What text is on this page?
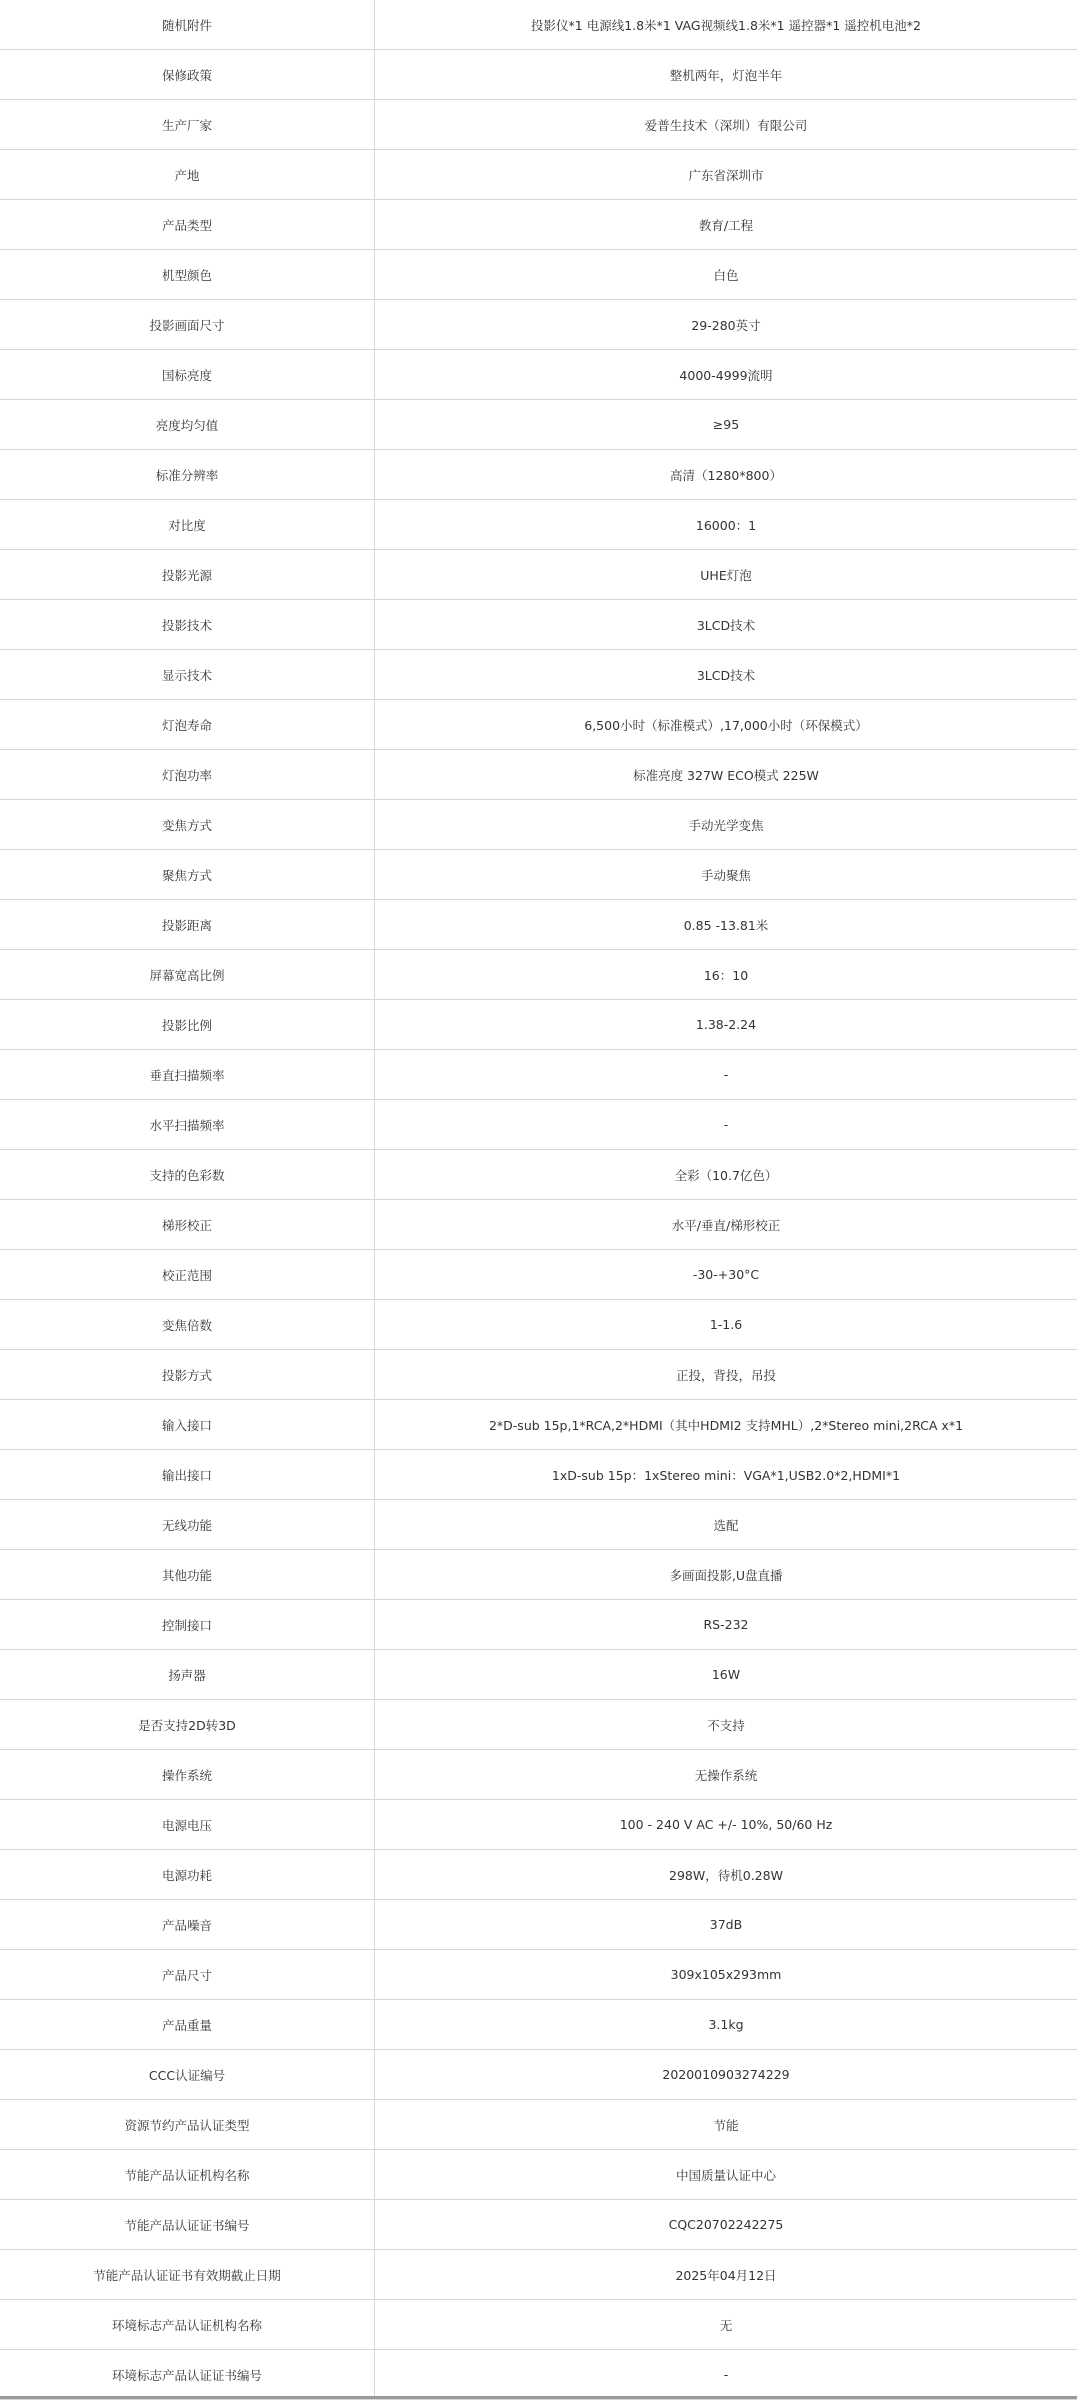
随机附件	投影仪*1 电源线1.8米*1 VAG视频线1.8米*1 遥控器*1 遥控机电池*2
保修政策	整机两年，灯泡半年
生产厂家	爱普生技术（深圳）有限公司
产地	广东省深圳市
产品类型	教育/工程
机型颜色	白色
投影画面尺寸	29-280英寸
国标亮度	4000-4999流明
亮度均匀值	≥95
标准分辨率	高清（1280*800）
对比度	16000：1
投影光源	UHE灯泡
投影技术	3LCD技术
显示技术	3LCD技术
灯泡寿命	6,500小时（标准模式）,17,000小时（环保模式）
灯泡功率	标准亮度 327W ECO模式 225W
变焦方式	手动光学变焦
聚焦方式	手动聚焦
投影距离	0.85 -13.81米
屏幕宽高比例	16：10
投影比例	1.38-2.24
垂直扫描频率	-
水平扫描频率	-
支持的色彩数	全彩（10.7亿色）
梯形校正	水平/垂直/梯形校正
校正范围	-30-+30°C
变焦倍数	1-1.6
投影方式	正投，背投，吊投
输入接口	2*D-sub 15p,1*RCA,2*HDMI（其中HDMI2 支持MHL）,2*Stereo mini,2RCA x*1
输出接口	1xD-sub 15p：1xStereo mini：VGA*1,USB2.0*2,HDMI*1
无线功能	选配
其他功能	多画面投影,U盘直播
控制接口	RS-232
扬声器	16W
是否支持2D转3D	不支持
操作系统	无操作系统
电源电压	100 - 240 V AC +/- 10%, 50/60 Hz
电源功耗	298W，待机0.28W
产品噪音	37dB
产品尺寸	309x105x293mm
产品重量	3.1kg
CCC认证编号	2020010903274229
资源节约产品认证类型	节能
节能产品认证机构名称	中国质量认证中心
节能产品认证证书编号	CQC20702242275
节能产品认证证书有效期截止日期	2025年04月12日
环境标志产品认证机构名称	无
环境标志产品认证证书编号	-
